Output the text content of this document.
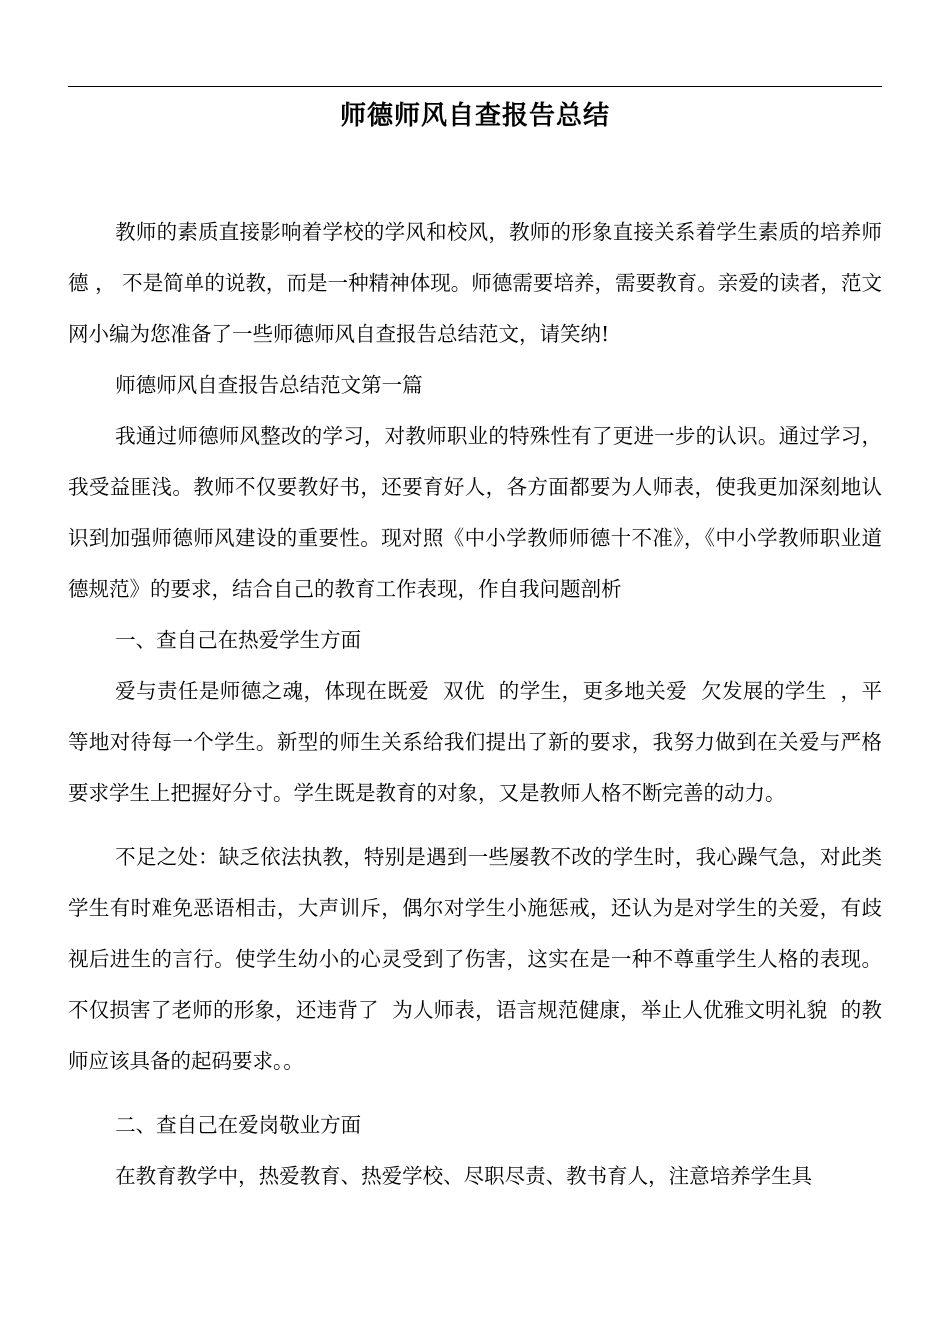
师德师风自查报告总结

教师的素质直接影响着学校的学风和校风，教师的形象直接关系着学生素质的培养师德 ， 不是简单的说教，而是一种精神体现。师德需要培养，需要教育。亲爱的读者，范文网小编为您准备了一些师德师风自查报告总结范文，请笑纳!

师德师风自查报告总结范文第一篇

我通过师德师风整改的学习，对教师职业的特殊性有了更进一步的认识。通过学习，我受益匪浅。教师不仅要教好书，还要育好人，各方面都要为人师表，使我更加深刻地认识到加强师德师风建设的重要性。现对照《中小学教师师德十不准》，《中小学教师职业道德规范》的要求，结合自己的教育工作表现，作自我问题剖析

一、查自己在热爱学生方面

爱与责任是师德之魂，体现在既爱  双优  的学生，更多地关爱  欠发展的学生  ，平等地对待每一个学生。新型的师生关系给我们提出了新的要求，我努力做到在关爱与严格要求学生上把握好分寸。学生既是教育的对象，又是教师人格不断完善的动力。

不足之处：缺乏依法执教，特别是遇到一些屡教不改的学生时，我心躁气急，对此类学生有时难免恶语相击，大声训斥，偶尔对学生小施惩戒，还认为是对学生的关爱，有歧视后进生的言行。使学生幼小的心灵受到了伤害，这实在是一种不尊重学生人格的表现。不仅损害了老师的形象，还违背了  为人师表，语言规范健康，举止人优雅文明礼貌  的教师应该具备的起码要求。。

二、查自己在爱岗敬业方面

在教育教学中，热爱教育、热爱学校、尽职尽责、教书育人，注意培养学生具
